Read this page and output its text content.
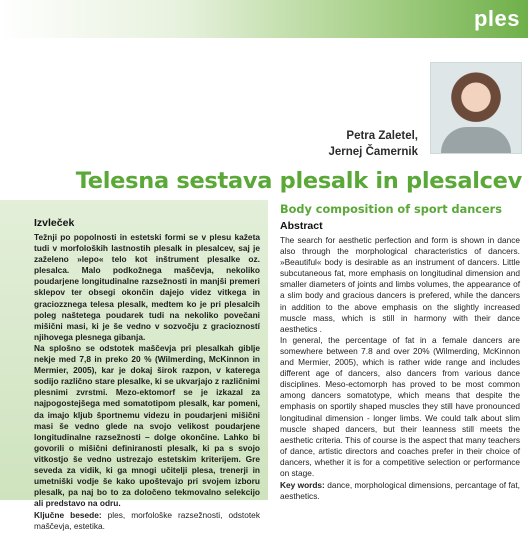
ples
Petra Zaletel,
Jernej Čamernik
Telesna sestava plesalk in plesalcev
Izvleček

Težnji po popolnosti in estetski formi se v plesu kažeta tudi v morfoloških lastnostih plesalk in plesalcev, saj je zaželeno »lepo« telo kot inštrument plesalke oz. plesalca. Malo podkožnega maščevja, nekoliko poudarjene longitudinalne razsežnosti in manjši premeri sklepov ter obsegi okončin dajejo videz vitkega in graciozznega telesa plesalk, medtem ko je pri plesalcih poleg naštetega poudarek tudi na nekoliko povečani mišični masi, ki je še vedno v sozvočju z graciozností njihovega plesnega gibanja.

Na splošno se odstotek maščevja pri plesalkah giblje nekje med 7,8 in preko 20 % (Wilmerding, McKinnon in Mermier, 2005), kar je dokaj širok razpon, v katerega sodijo različno stare plesalke, ki se ukvarjajo z različnimi plesnimi zvrstmi. Mezo-ektomorf se je izkazal za najpogostejšega med somatotipom plesalk, kar pomeni, da imajo kljub športnemu videzu in poudarjeni mišični masi še vedno glede na svojo velikost poudarjene longitudinalne razsežnosti – dolge okončine. Lahko bi govorili o mišični definiranosti plesalk, ki pa s svojo vitkostjo še vedno ustrezajo estetskim kriterijem. Gre seveda za vidik, ki ga mnogi učitelji plesa, trenerji in umetniški vodje še kako upoštevajo pri svojem izboru plesalk, pa naj bo to za določeno tekmovalno selekcijo ali predstavo na odru.

Ključne besede: ples, morfološke razsežnosti, odstotek maščevja, estetika.

Body composition of sport dancers
Abstract

The search for aesthetic perfection and form is shown in dance also through the morphological characteristics of dancers. »Beautiful« body is desirable as an instrument of dancers. Little subcutaneous fat, more emphasis on longitudinal dimension and smaller diameters of joints and limbs volumes, the appearance of a slim body and gracious dancers is prefered, while the dancers in addition to the above emphasis on the slightly increased muscle mass, which is still in harmony with their dance aesthetics .

In general, the percentage of fat in a female dancers are somewhere between 7.8 and over 20% (Wilmerding, McKinnon and Mermier, 2005), which is rather wide range and includes different age of dancers, also dancers from various dance disciplines. Meso-ectomorph has proved to be most common among dancers somatotype, which means that despite the emphasis on sportily shaped muscles they still have pronounced longitudinal dimension - longer limbs. We could talk about slim muscle shaped dancers, but their leanness still meets the aesthetic criteria. This of course is the aspect that many teachers of dance, artistic directors and coaches prefer in their choice of dancers, whether it is for a competitive selection or performance on stage.

Key words: dance, morphological dimensions, percantage of fat, aesthetics.
